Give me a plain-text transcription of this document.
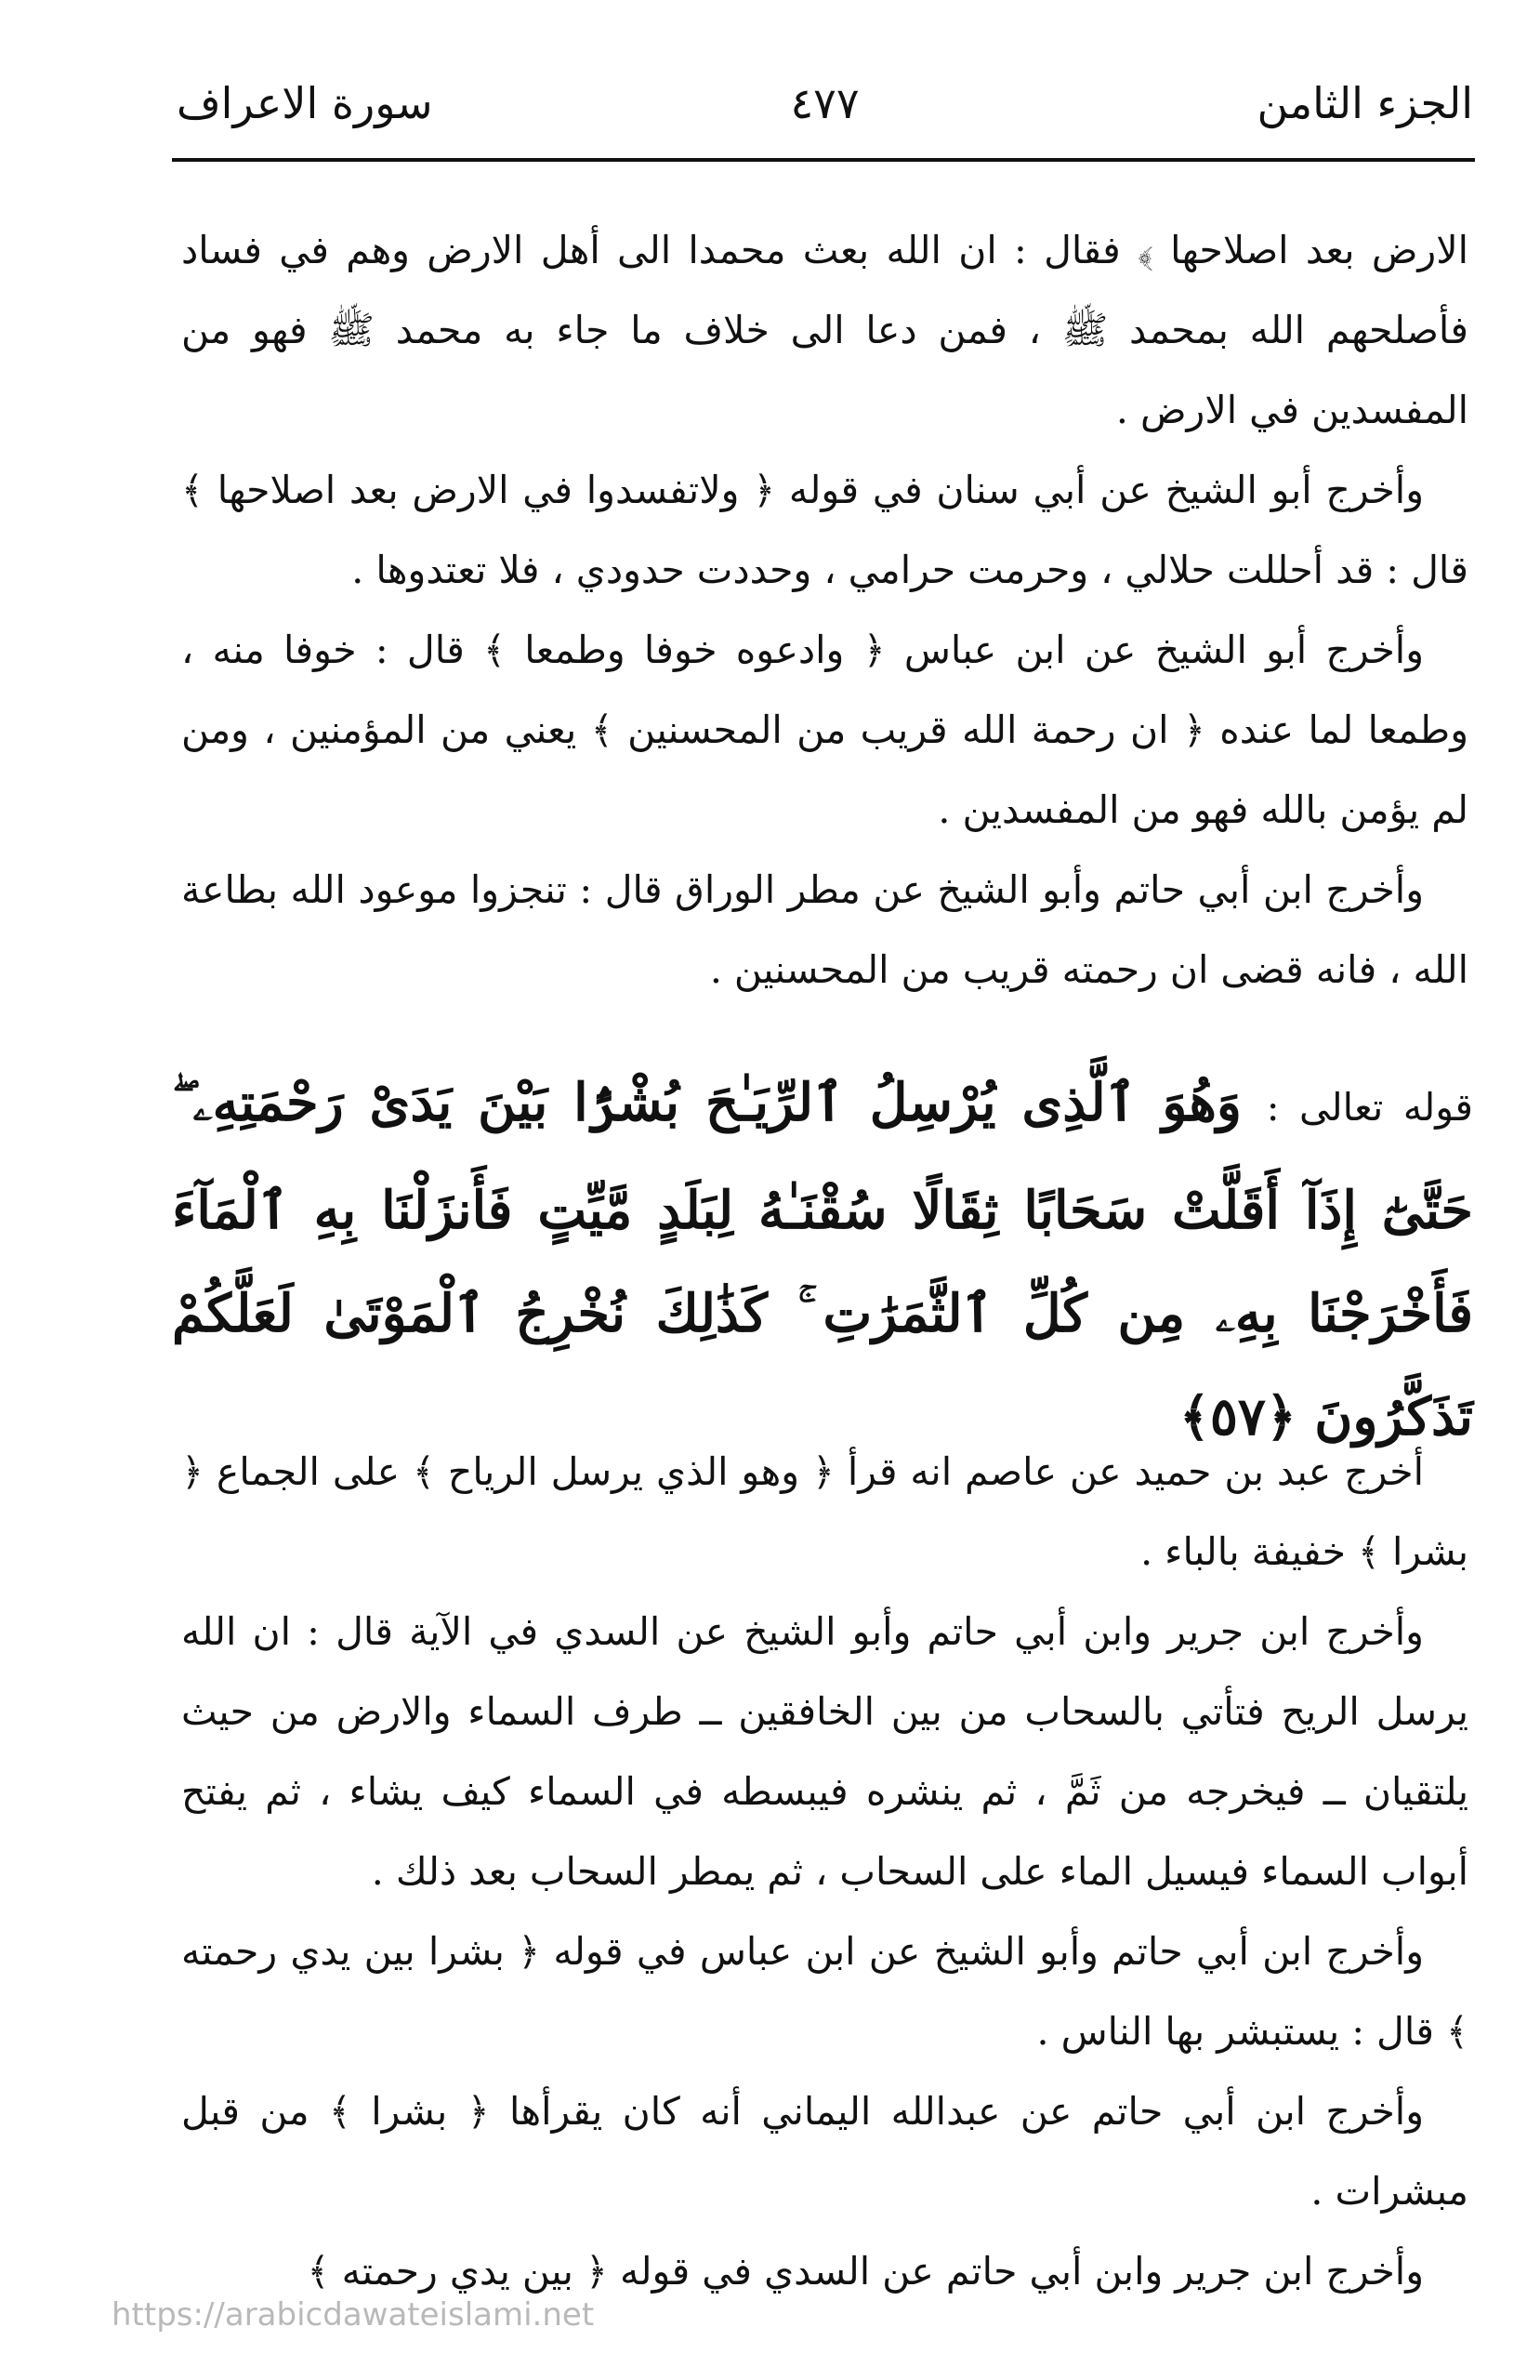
الجزء الثامن
٤٧٧
سورة الاعراف

الارض بعد اصلاحها ﴾ فقال : ان الله بعث محمدا الى أهل الارض وهم في فساد فأصلحهم الله بمحمد ﷺ ، فمن دعا الى خلاف ما جاء به محمد ﷺ فهو من المفسدين في الارض .

وأخرج أبو الشيخ عن أبي سنان في قوله ﴿ ولاتفسدوا في الارض بعد اصلاحها ﴾ قال : قد أحللت حلالي ، وحرمت حرامي ، وحددت حدودي ، فلا تعتدوها .

وأخرج أبو الشيخ عن ابن عباس ﴿ وادعوه خوفا وطمعا ﴾ قال : خوفا منه ، وطمعا لما عنده ﴿ ان رحمة الله قريب من المحسنين ﴾ يعني من المؤمنين ، ومن لم يؤمن بالله فهو من المفسدين .

وأخرج ابن أبي حاتم وأبو الشيخ عن مطر الوراق قال : تنجزوا موعود الله بطاعة الله ، فانه قضى ان رحمته قريب من المحسنين .

قوله تعالى : وَهُوَ ٱلَّذِى يُرْسِلُ ٱلرِّيَـٰحَ بُشْرًۢا بَيْنَ يَدَىْ رَحْمَتِهِۦ ۖ حَتَّىٰٓ إِذَآ أَقَلَّتْ سَحَابًا ثِقَالًا سُقْنَـٰهُ لِبَلَدٍ مَّيِّتٍ فَأَنزَلْنَا بِهِ ٱلْمَآءَ فَأَخْرَجْنَا بِهِۦ مِن كُلِّ ٱلثَّمَرَٰتِ ۚ كَذَٰلِكَ نُخْرِجُ ٱلْمَوْتَىٰ لَعَلَّكُمْ تَذَكَّرُونَ ﴿٥٧﴾

أخرج عبد بن حميد عن عاصم انه قرأ ﴿ وهو الذي يرسل الرياح ﴾ على الجماع ﴿ بشرا ﴾ خفيفة بالباء .

وأخرج ابن جرير وابن أبي حاتم وأبو الشيخ عن السدي في الآية قال : ان الله يرسل الريح فتأتي بالسحاب من بين الخافقين ــ طرف السماء والارض من حيث يلتقيان ــ فيخرجه من ثَمَّ ، ثم ينشره فيبسطه في السماء كيف يشاء ، ثم يفتح أبواب السماء فيسيل الماء على السحاب ، ثم يمطر السحاب بعد ذلك .

وأخرج ابن أبي حاتم وأبو الشيخ عن ابن عباس في قوله ﴿ بشرا بين يدي رحمته ﴾ قال : يستبشر بها الناس .

وأخرج ابن أبي حاتم عن عبدالله اليماني أنه كان يقرأها ﴿ بشرا ﴾ من قبل مبشرات .

وأخرج ابن جرير وابن أبي حاتم عن السدي في قوله ﴿ بين يدي رحمته ﴾

https://arabicdawateislami.net
